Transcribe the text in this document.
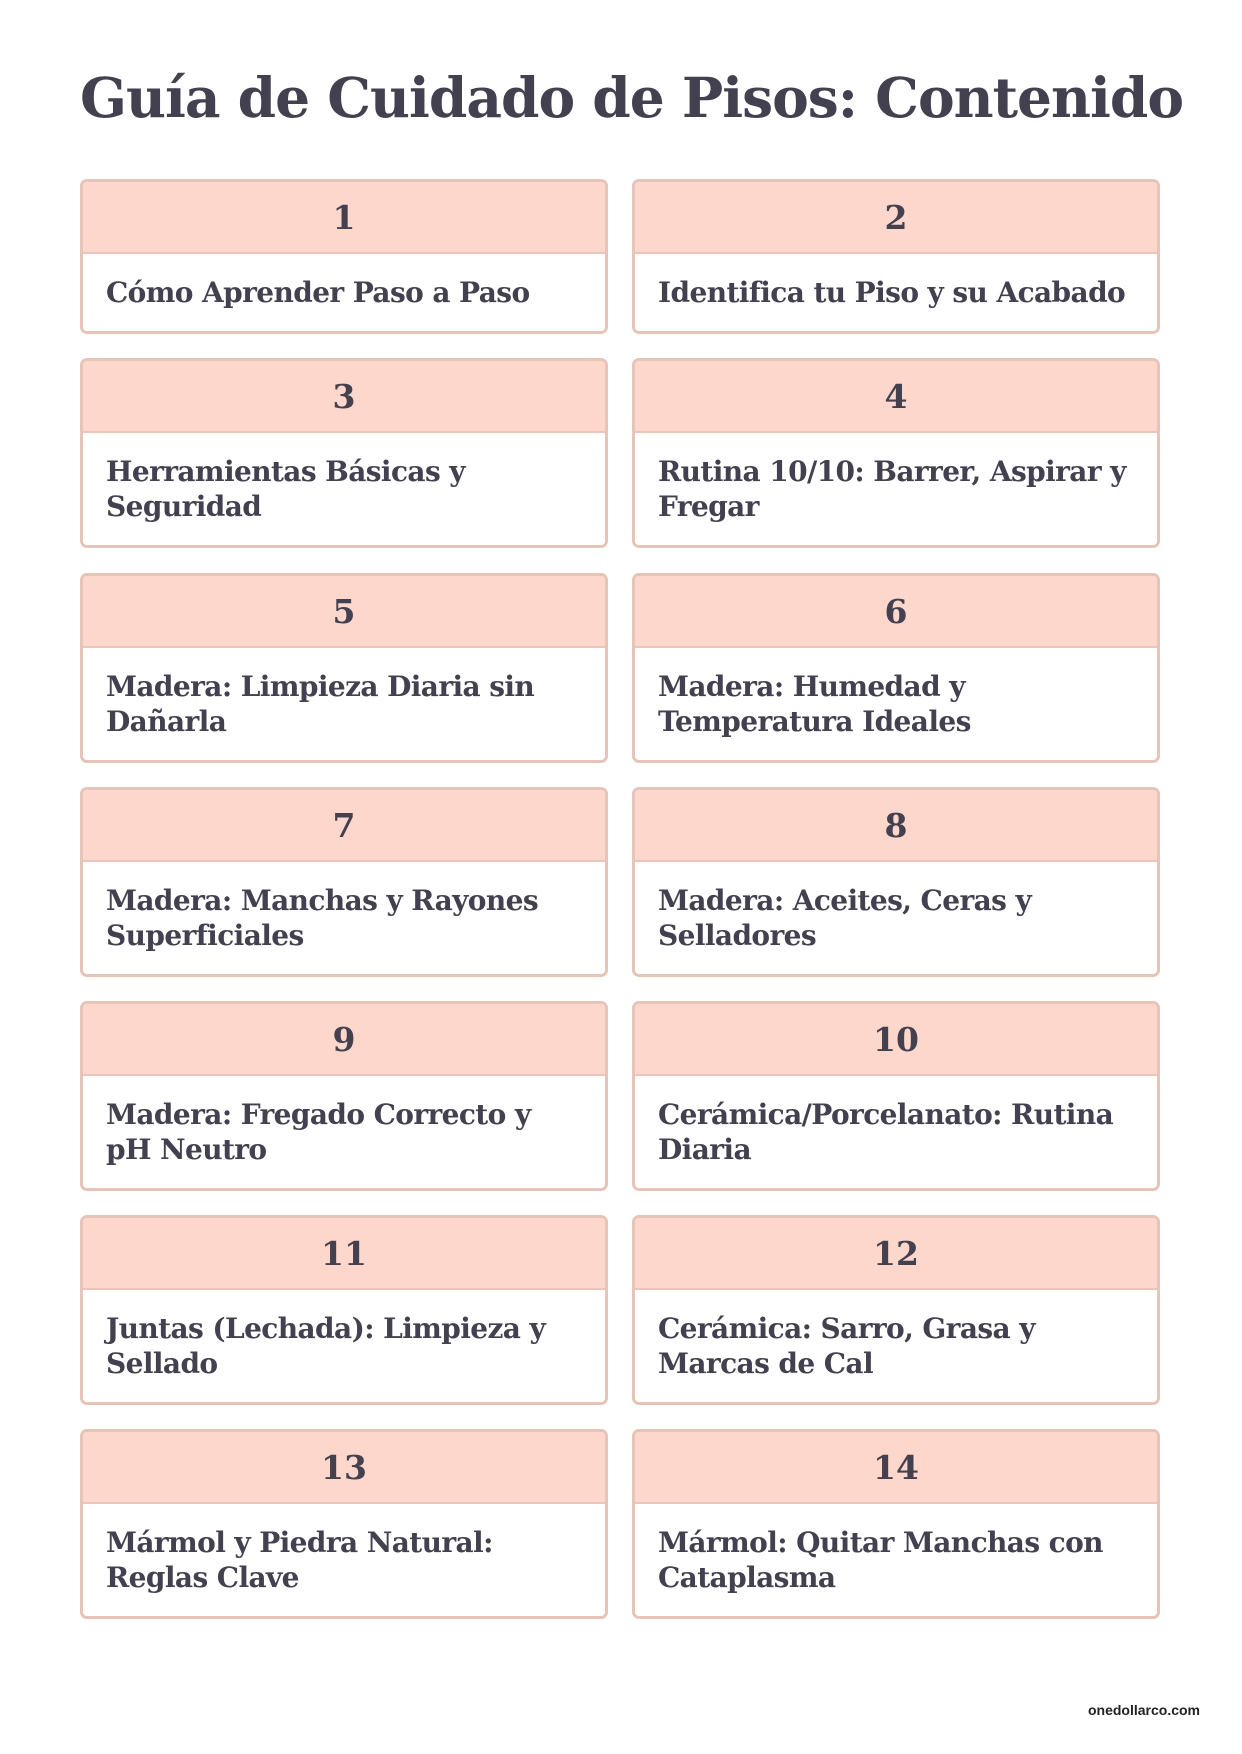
Guía de Cuidado de Pisos: Contenido
1
Cómo Aprender Paso a Paso
2
Identifica tu Piso y su Acabado
3
Herramientas Básicas y Seguridad
4
Rutina 10/10: Barrer, Aspirar y Fregar
5
Madera: Limpieza Diaria sin Dañarla
6
Madera: Humedad y Temperatura Ideales
7
Madera: Manchas y Rayones Superficiales
8
Madera: Aceites, Ceras y Selladores
9
Madera: Fregado Correcto y pH Neutro
10
Cerámica/Porcelanato: Rutina Diaria
11
Juntas (Lechada): Limpieza y Sellado
12
Cerámica: Sarro, Grasa y Marcas de Cal
13
Mármol y Piedra Natural: Reglas Clave
14
Mármol: Quitar Manchas con Cataplasma
onedollarco.com
